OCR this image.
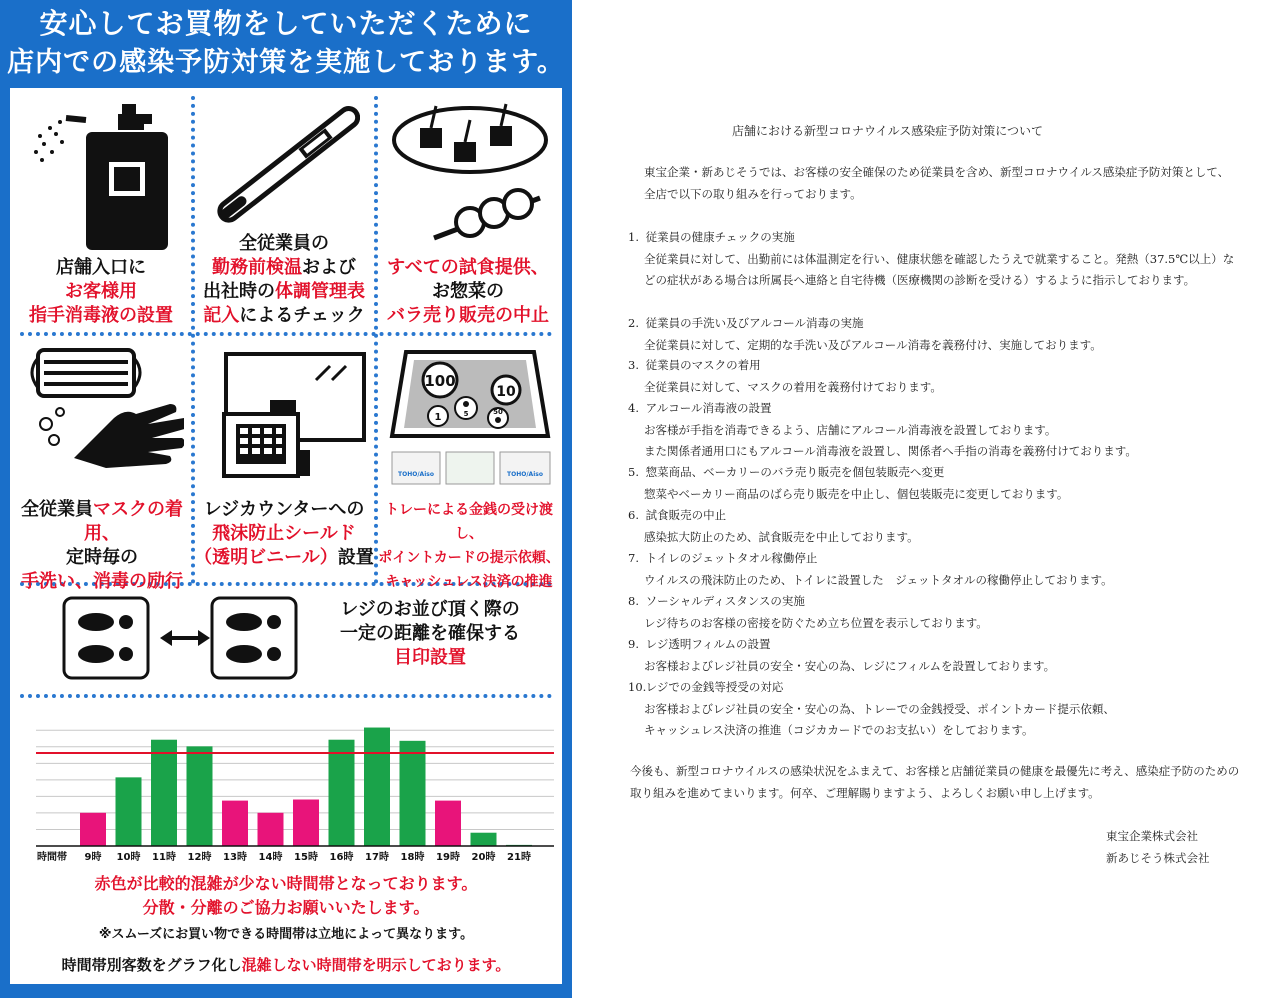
安心してお買物をしていただくために
店内での感染予防対策を実施しております。
店舗入口に
お客様用
指手消毒液の設置
全従業員の
勤務前検温および
出社時の体調管理表
記入によるチェック
すべての試食提供、
お惣菜の
バラ売り販売の中止
全従業員マスクの着用、
定時毎の
手洗い、消毒の励行
レジカウンターへの
飛沫防止シールド
（透明ビニール）設置
100
10
1	5	50
TOHO/Aiso	TOHO/Aiso
トレーによる金銭の受け渡し、
ポイントカードの提示依頼、
キャッシュレス決済の推進
レジのお並び頂く際の
一定の距離を確保する
目印設置
9時 10時 11時 12時 13時 14時 15時 16時 17時 18時 19時 20時 21時
時間帯
赤色が比較的混雑が少ない時間帯となっております。
分散・分離のご協力お願いいたします。
※スムーズにお買い物できる時間帯は立地によって異なります。
時間帯別客数をグラフ化し混雑しない時間帯を明示しております。
店舗における新型コロナウイルス感染症予防対策について
東宝企業・新あじそうでは、お客様の安全確保のため従業員を含め、新型コロナウイルス感染症予防対策として、 全店で以下の取り組みを行っております。
1. 従業員の健康チェックの実施
全従業員に対して、出勤前には体温測定を行い、健康状態を確認したうえで就業すること。発熱（37.5℃以上）などの症状がある場合は所属長へ連絡と自宅待機（医療機関の診断を受ける）するように指示しております。
2. 従業員の手洗い及びアルコール消毒の実施
全従業員に対して、定期的な手洗い及びアルコール消毒を義務付け、実施しております。
3. 従業員のマスクの着用
全従業員に対して、マスクの着用を義務付けております。
4. アルコール消毒液の設置
お客様が手指を消毒できるよう、店舗にアルコール消毒液を設置しております。
また関係者通用口にもアルコール消毒液を設置し、関係者へ手指の消毒を義務付けております。
5. 惣菜商品、ベーカリーのバラ売り販売を個包装販売へ変更
惣菜やベーカリー商品のばら売り販売を中止し、個包装販売に変更しております。
6. 試食販売の中止
感染拡大防止のため、試食販売を中止しております。
7. トイレのジェットタオル稼働停止
ウイルスの飛沫防止のため、トイレに設置した　ジェットタオルの稼働停止しております。
8. ソーシャルディスタンスの実施
レジ待ちのお客様の密接を防ぐため立ち位置を表示しております。
9. レジ透明フィルムの設置
お客様およびレジ社員の安全・安心の為、レジにフィルムを設置しております。
10. レジでの金銭等授受の対応
お客様およびレジ社員の安全・安心の為、トレーでの金銭授受、ポイントカード提示依頼、
キャッシュレス決済の推進（コジカカードでのお支払い）をしております。
今後も、新型コロナウイルスの感染状況をふまえて、お客様と店舗従業員の健康を最優先に考え、感染症予防のための取り組みを進めてまいります。何卒、ご理解賜りますよう、よろしくお願い申し上げます。
東宝企業株式会社
新あじそう株式会社
